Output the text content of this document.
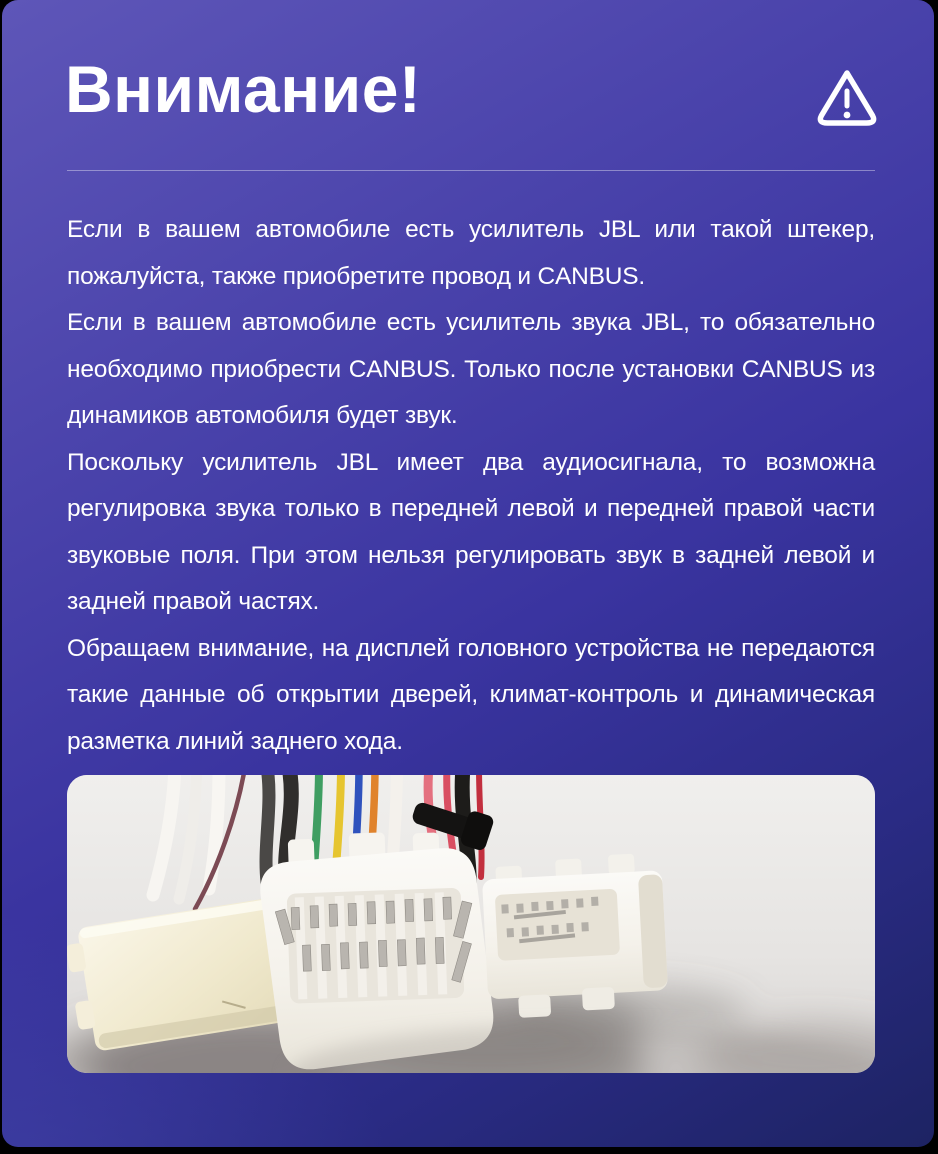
Внимание!

Если в вашем автомобиле есть усилитель JBL или такой штекер, пожалуйста, также приобретите провод и CANBUS.

Если в вашем автомобиле есть усилитель звука JBL, то обязательно необходимо приобрести CANBUS. Только после установки CANBUS из динамиков автомобиля будет звук.

Поскольку усилитель JBL имеет два аудиосигнала, то возможна регулировка звука только в передней левой и передней правой части звуковые поля. При этом нельзя регулировать звук в задней левой и задней правой частях.

Обращаем внимание, на дисплей головного устройства не передаются такие данные об открытии дверей, климат-контроль и динамическая разметка линий заднего хода.
